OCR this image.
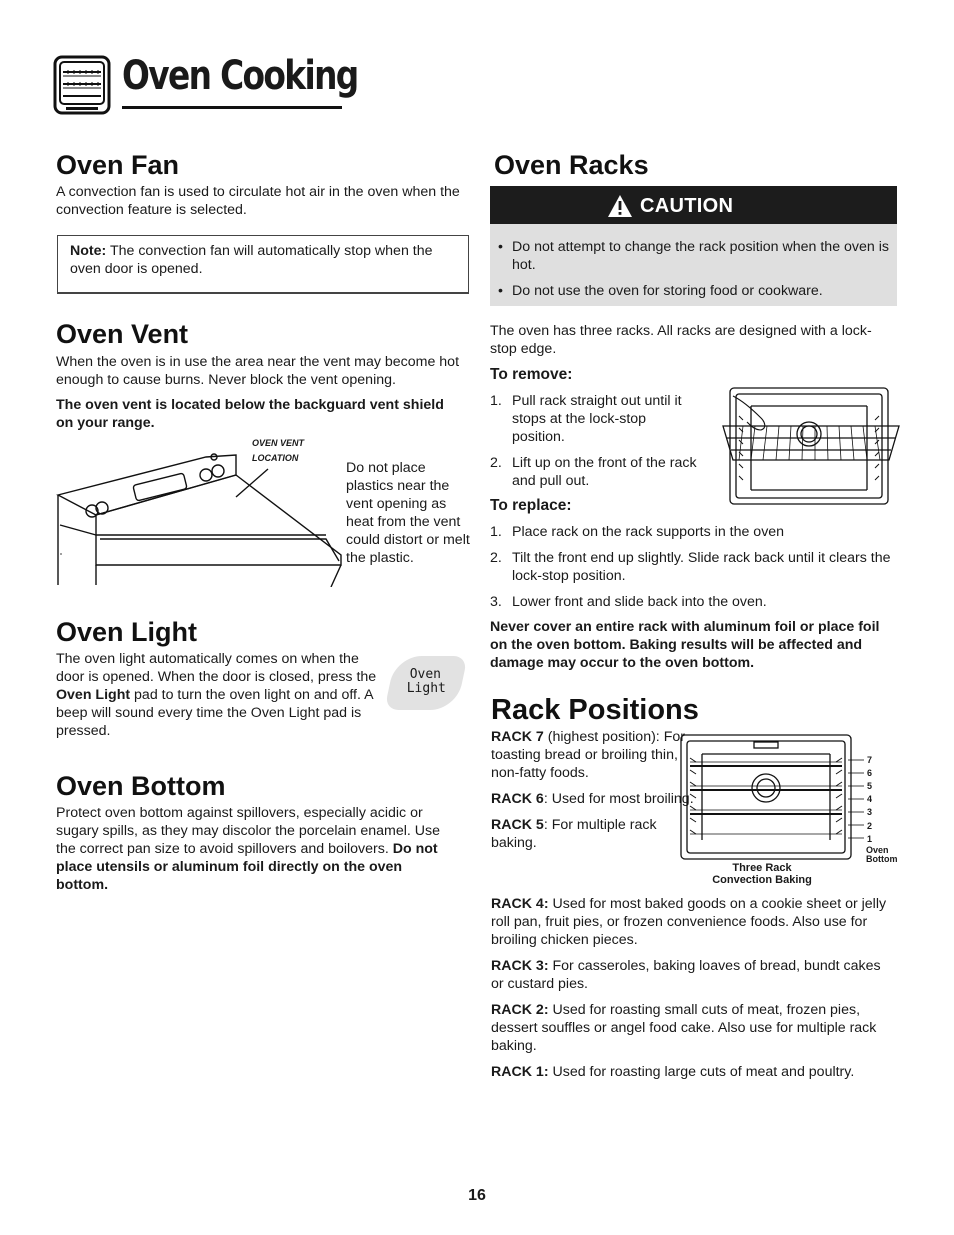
Oven Cooking
Oven Fan

A convection fan is used to circulate hot air in the oven when the convection feature is selected.

Note: The convection fan will automatically stop when the oven door is opened.

Oven Vent

When the oven is in use the area near the vent may become hot enough to cause burns. Never block the vent opening.

The oven vent is located below the backguard vent shield on your range.

OVEN VENT
LOCATION

Do not place plastics near the vent opening as heat from the vent could distort or melt the plastic.

Oven Light

The oven light automatically comes on when the door is opened. When the door is closed, press the Oven Light pad to turn the oven light on and off. A beep will sound every time the Oven Light pad is pressed.

Oven
Light
Oven Bottom

Protect oven bottom against spillovers, especially acidic or sugary spills, as they may discolor the porcelain enamel. Use the correct pan size to avoid spillovers and boilovers. Do not place utensils or aluminum foil directly on the oven bottom.

Oven Racks
CAUTION
• Do not attempt to change the rack position when the oven is hot.
• Do not use the oven for storing food or cookware.

The oven has three racks. All racks are designed with a lock-stop edge.

To remove:
1. Pull rack straight out until it stops at the lock-stop position.
2. Lift up on the front of the rack and pull out.
To replace:
1. Place rack on the rack supports in the oven
2. Tilt the front end up slightly. Slide rack back until it clears the lock-stop position.
3. Lower front and slide back into the oven.

Never cover an entire rack with aluminum foil or place foil on the oven bottom. Baking results will be affected and damage may occur to the oven bottom.

Rack Positions

RACK 7 (highest position): For toasting bread or broiling thin, non-fatty foods.

RACK 6: Used for most broiling.

RACK 5: For multiple rack baking.

7
6
5
4
3
2
1
Oven
Bottom
Three Rack
Convection Baking

RACK 4: Used for most baked goods on a cookie sheet or jelly roll pan, fruit pies, or frozen convenience foods. Also use for broiling chicken pieces.

RACK 3: For casseroles, baking loaves of bread, bundt cakes or custard pies.

RACK 2: Used for roasting small cuts of meat, frozen pies, dessert souffles or angel food cake. Also use for multiple rack baking.

RACK 1: Used for roasting large cuts of meat and poultry.

16
